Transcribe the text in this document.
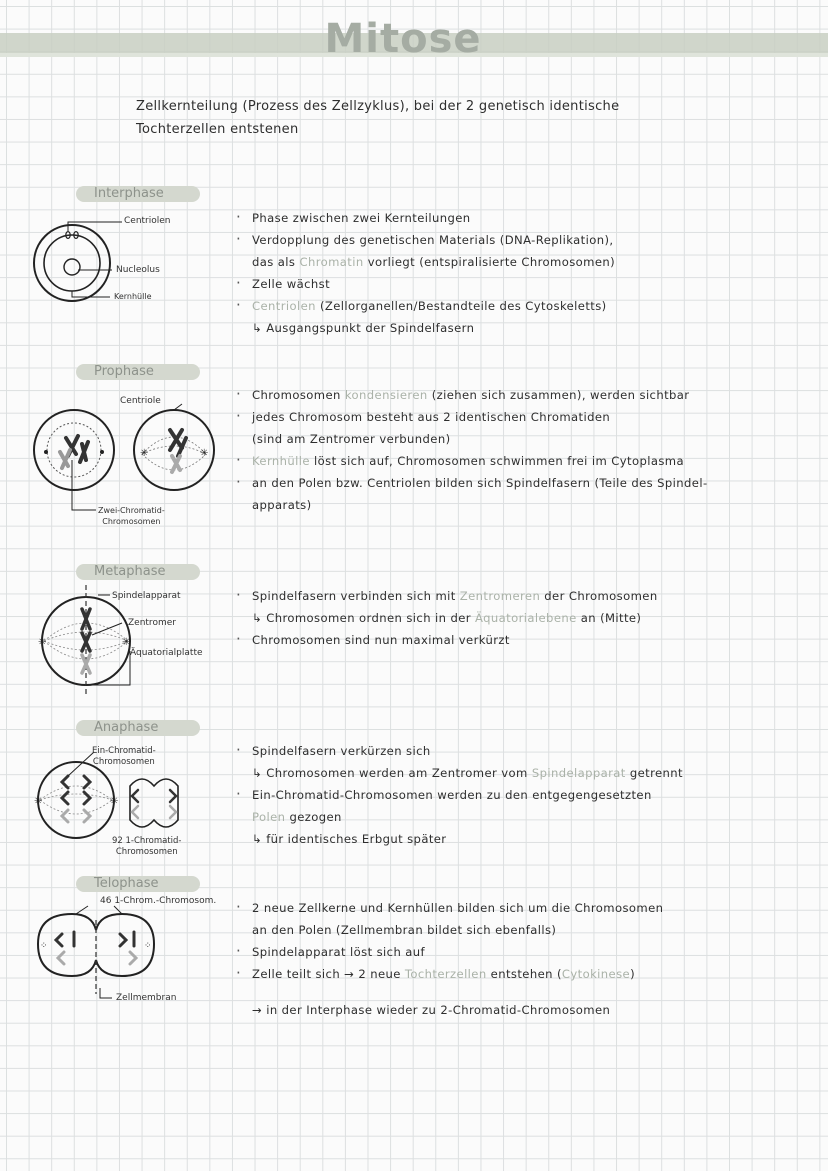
Mitose
Zellkernteilung (Prozess des Zellzyklus), bei der 2 genetisch identische
Tochterzellen entstenen
Interphase
Centriolen
Nucleolus
Kernhülle
· Phase zwischen zwei Kernteilungen
· Verdopplung des genetischen Materials (DNA-Replikation),
das als Chromatin vorliegt (entspiralisierte Chromosomen)
· Zelle wächst
· Centriolen (Zellorganellen/Bestandteile des Cytoskeletts)
↳ Ausgangspunkt der Spindelfasern
Prophase
✳	✳
Centriole
Zwei-Chromatid-
Chromosomen
· Chromosomen kondensieren (ziehen sich zusammen), werden sichtbar
· jedes Chromosom besteht aus 2 identischen Chromatiden
(sind am Zentromer verbunden)
· Kernhülle löst sich auf, Chromosomen schwimmen frei im Cytoplasma
· an den Polen bzw. Centriolen bilden sich Spindelfasern (Teile des Spindel-
apparats)
Metaphase
✳	✳
Spindelapparat
Zentromer
Äquatorialplatte
· Spindelfasern verbinden sich mit Zentromeren der Chromosomen
↳ Chromosomen ordnen sich in der Äquatorialebene an (Mitte)
· Chromosomen sind nun maximal verkürzt
Anaphase
✳	✳
Ein-Chromatid-
Chromosomen
92 1-Chromatid-
Chromosomen
· Spindelfasern verkürzen sich
↳ Chromosomen werden am Zentromer vom Spindelapparat getrennt
· Ein-Chromatid-Chromosomen werden zu den entgegengesetzten
Polen gezogen
↳ für identisches Erbgut später
Telophase
⁘	⁘
46 1-Chrom.-Chromosom.
Zellmembran
· 2 neue Zellkerne und Kernhüllen bilden sich um die Chromosomen
an den Polen (Zellmembran bildet sich ebenfalls)
· Spindelapparat löst sich auf
· Zelle teilt sich → 2 neue Tochterzellen entstehen (Cytokinese)
→ in der Interphase wieder zu 2-Chromatid-Chromosomen
